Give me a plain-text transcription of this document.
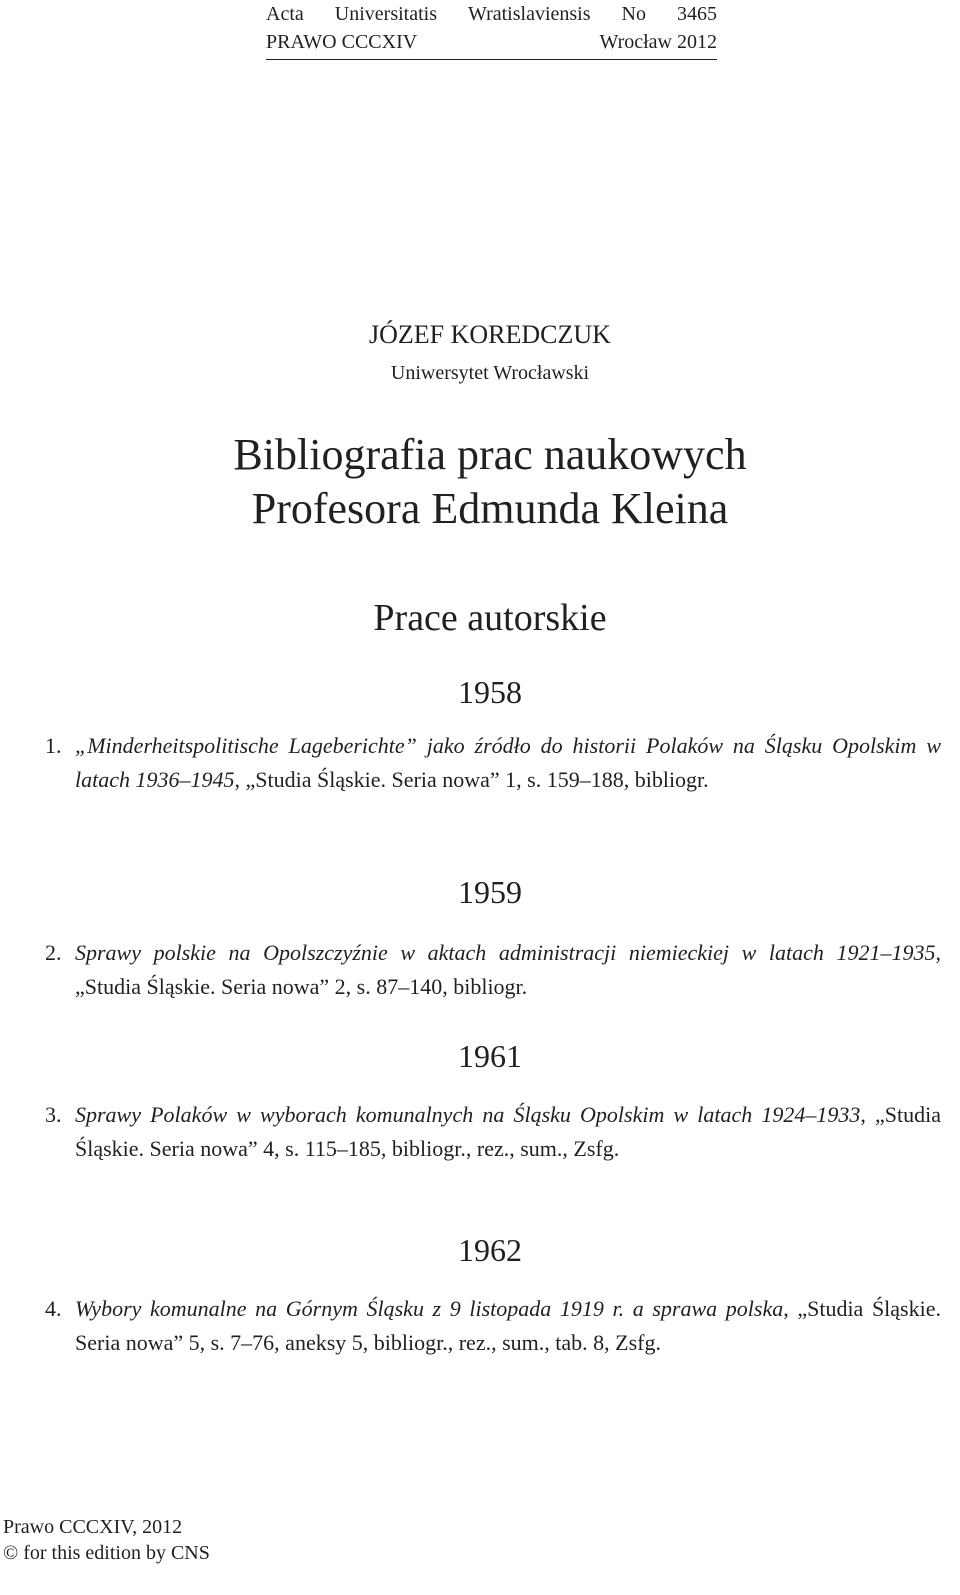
Acta Universitatis Wratislaviensis No 3465
PRAWO CCCXIV	Wrocław 2012
JÓZEF KOREDCZUK
Uniwersytet Wrocławski
Bibliografia prac naukowych
Profesora Edmunda Kleina
Prace autorskie
1958
1. „Minderheitspolitische Lageberichte” jako źródło do historii Polaków na Śląsku Opolskim w latach 1936–1945, „Studia Śląskie. Seria nowa” 1, s. 159–188, bibliogr.
1959
2. Sprawy polskie na Opolszczyźnie w aktach administracji niemieckiej w latach 1921–1935, „Studia Śląskie. Seria nowa” 2, s. 87–140, bibliogr.
1961
3. Sprawy Polaków w wyborach komunalnych na Śląsku Opolskim w latach 1924–1933, „Studia Śląskie. Seria nowa” 4, s. 115–185, bibliogr., rez., sum., Zsfg.
1962
4. Wybory komunalne na Górnym Śląsku z 9 listopada 1919 r. a sprawa polska, „Studia Śląskie. Seria nowa” 5, s. 7–76, aneksy 5, bibliogr., rez., sum., tab. 8, Zsfg.
Prawo CCCXIV, 2012
© for this edition by CNS
